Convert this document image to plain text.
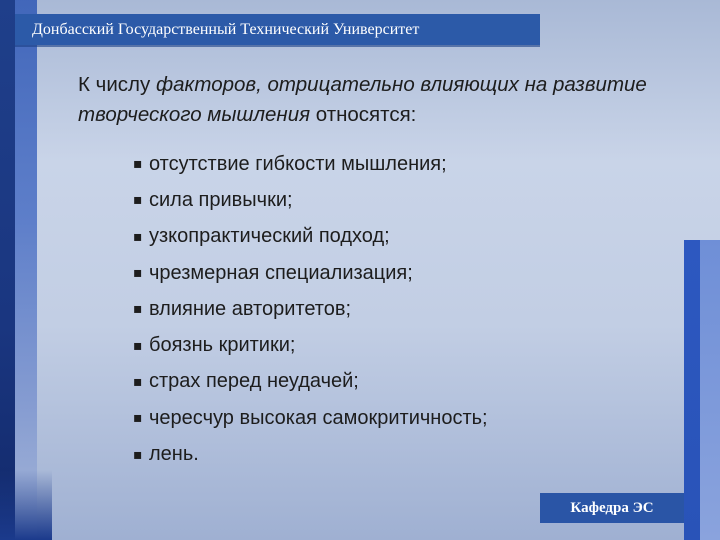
Донбасский Государственный Технический Университет
К числу факторов, отрицательно влияющих на развитие творческого мышления относятся:
▪ отсутствие гибкости мышления;
▪ сила привычки;
▪ узкопрактический подход;
▪ чрезмерная специализация;
▪ влияние авторитетов;
▪ боязнь критики;
▪ страх перед неудачей;
▪ чересчур высокая самокритичность;
▪ лень.
Кафедра ЭС
